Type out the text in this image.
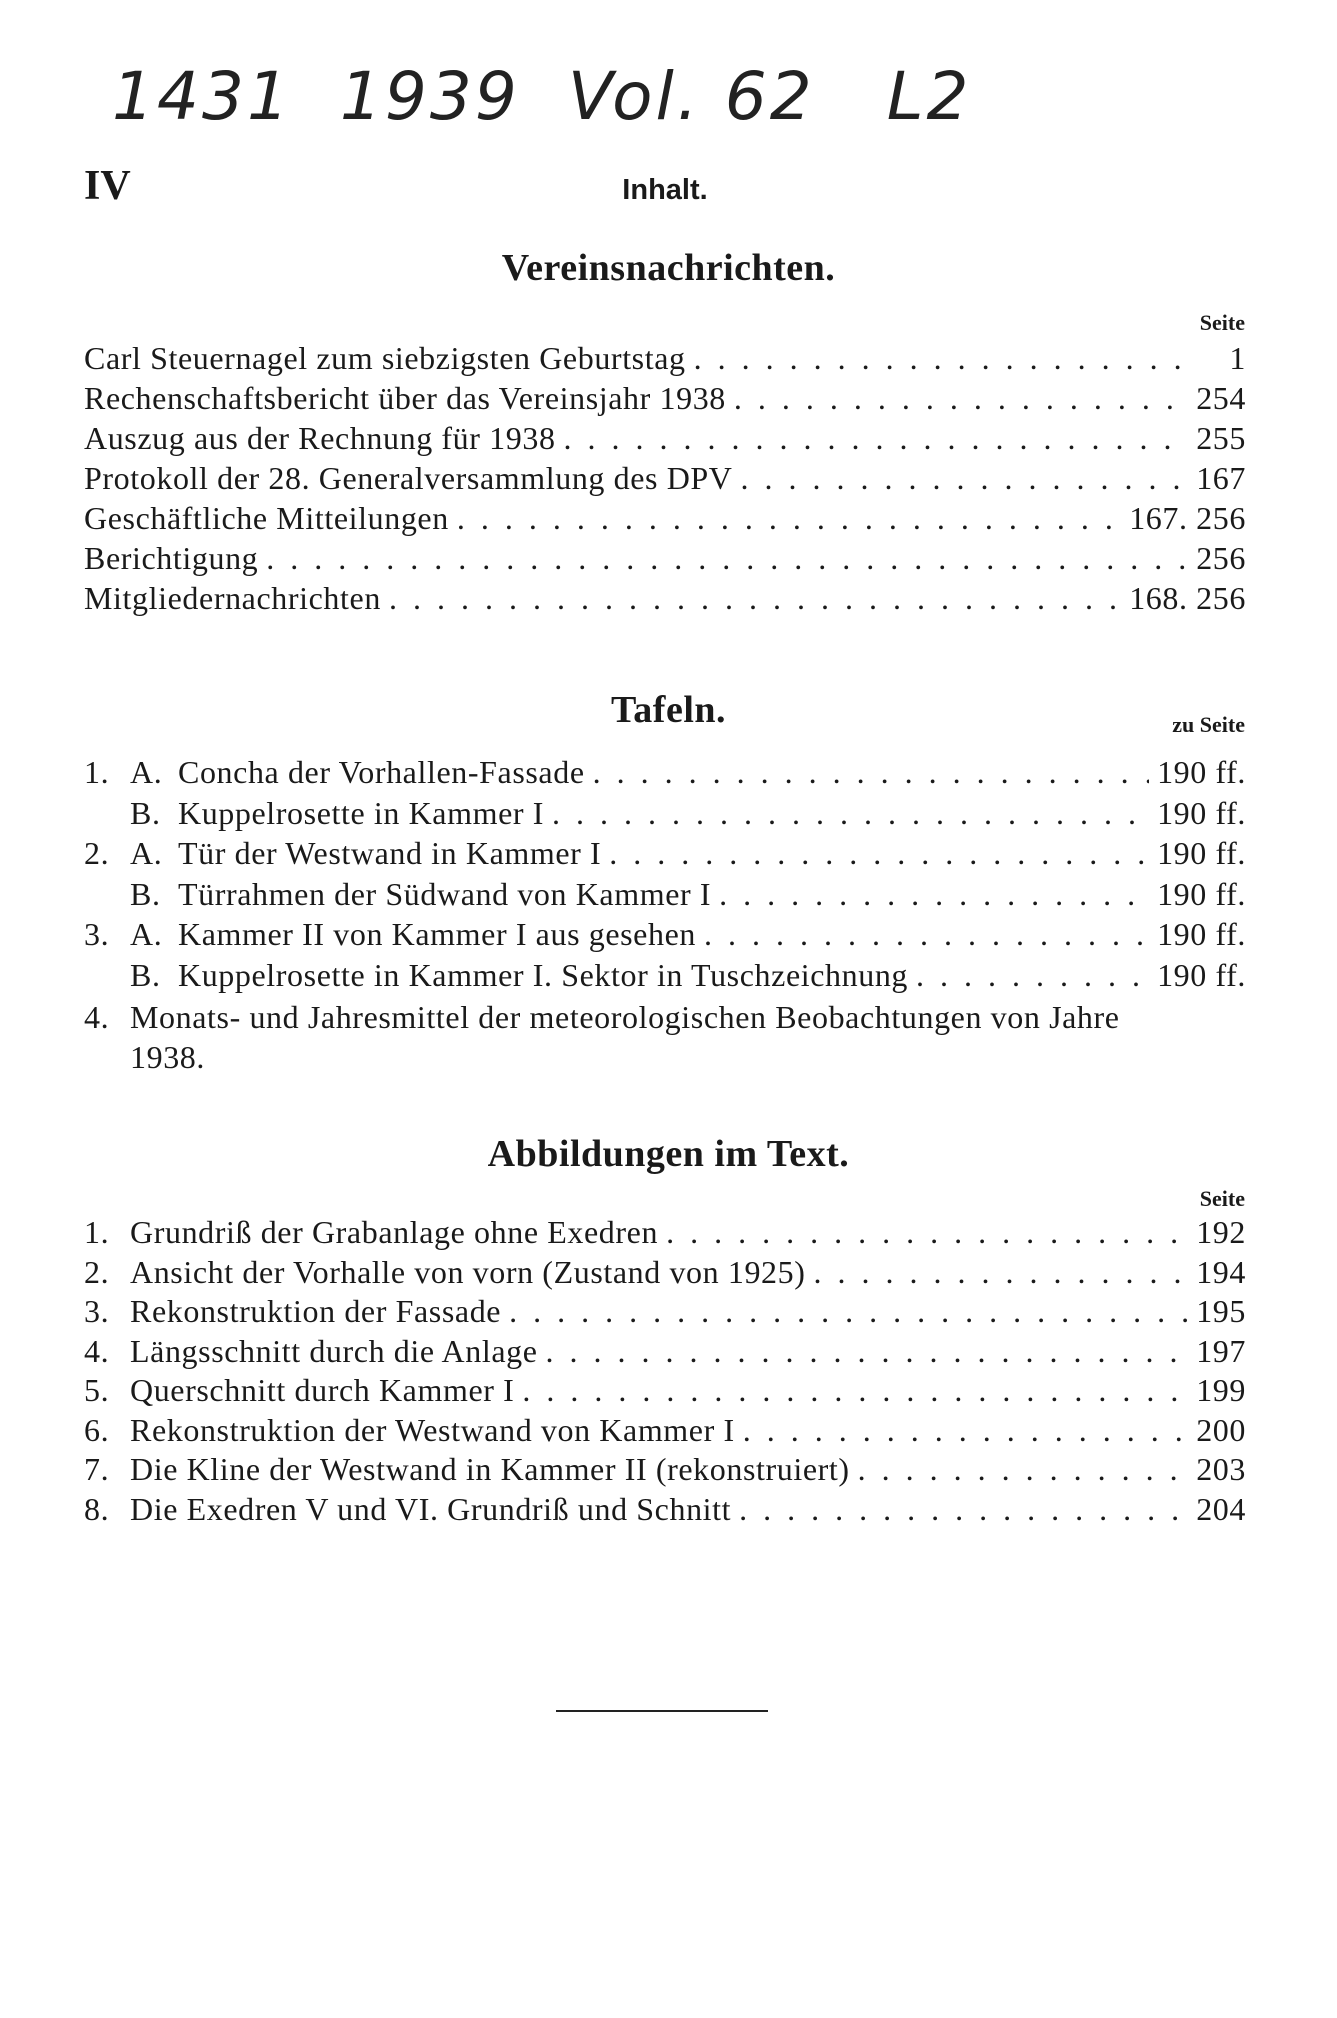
1431  1939  Vol. 62   L2
IV	Inhalt.
Vereinsnachrichten.
Seite
Carl Steuernagel zum siebzigsten Geburtstag . . .	1
Rechenschaftsbericht über das Vereinsjahr 1938 . . .	254
Auszug aus der Rechnung für 1938 . . .	255
Protokoll der 28. Generalversammlung des DPV . . .	167
Geschäftliche Mitteilungen . . .	167. 256
Berichtigung . . .	256
Mitgliedernachrichten . . .	168. 256
Tafeln.	zu Seite
1. A. Concha der Vorhallen-Fassade . . .	190 ff.
B. Kuppelrosette in Kammer I . . .	190 ff.
2. A. Tür der Westwand in Kammer I . . .	190 ff.
B. Türrahmen der Südwand von Kammer I . . .	190 ff.
3. A. Kammer II von Kammer I aus gesehen . . .	190 ff.
B. Kuppelrosette in Kammer I. Sektor in Tuschzeichnung . . .	190 ff.
4. Monats- und Jahresmittel der meteorologischen Beobachtungen von Jahre 1938.
Abbildungen im Text.
Seite
1. Grundriß der Grabanlage ohne Exedren . . .	192
2. Ansicht der Vorhalle von vorn (Zustand von 1925) . . .	194
3. Rekonstruktion der Fassade . . .	195
4. Längsschnitt durch die Anlage . . .	197
5. Querschnitt durch Kammer I . . .	199
6. Rekonstruktion der Westwand von Kammer I . . .	200
7. Die Kline der Westwand in Kammer II (rekonstruiert) . . .	203
8. Die Exedren V und VI. Grundriß und Schnitt . . .	204
